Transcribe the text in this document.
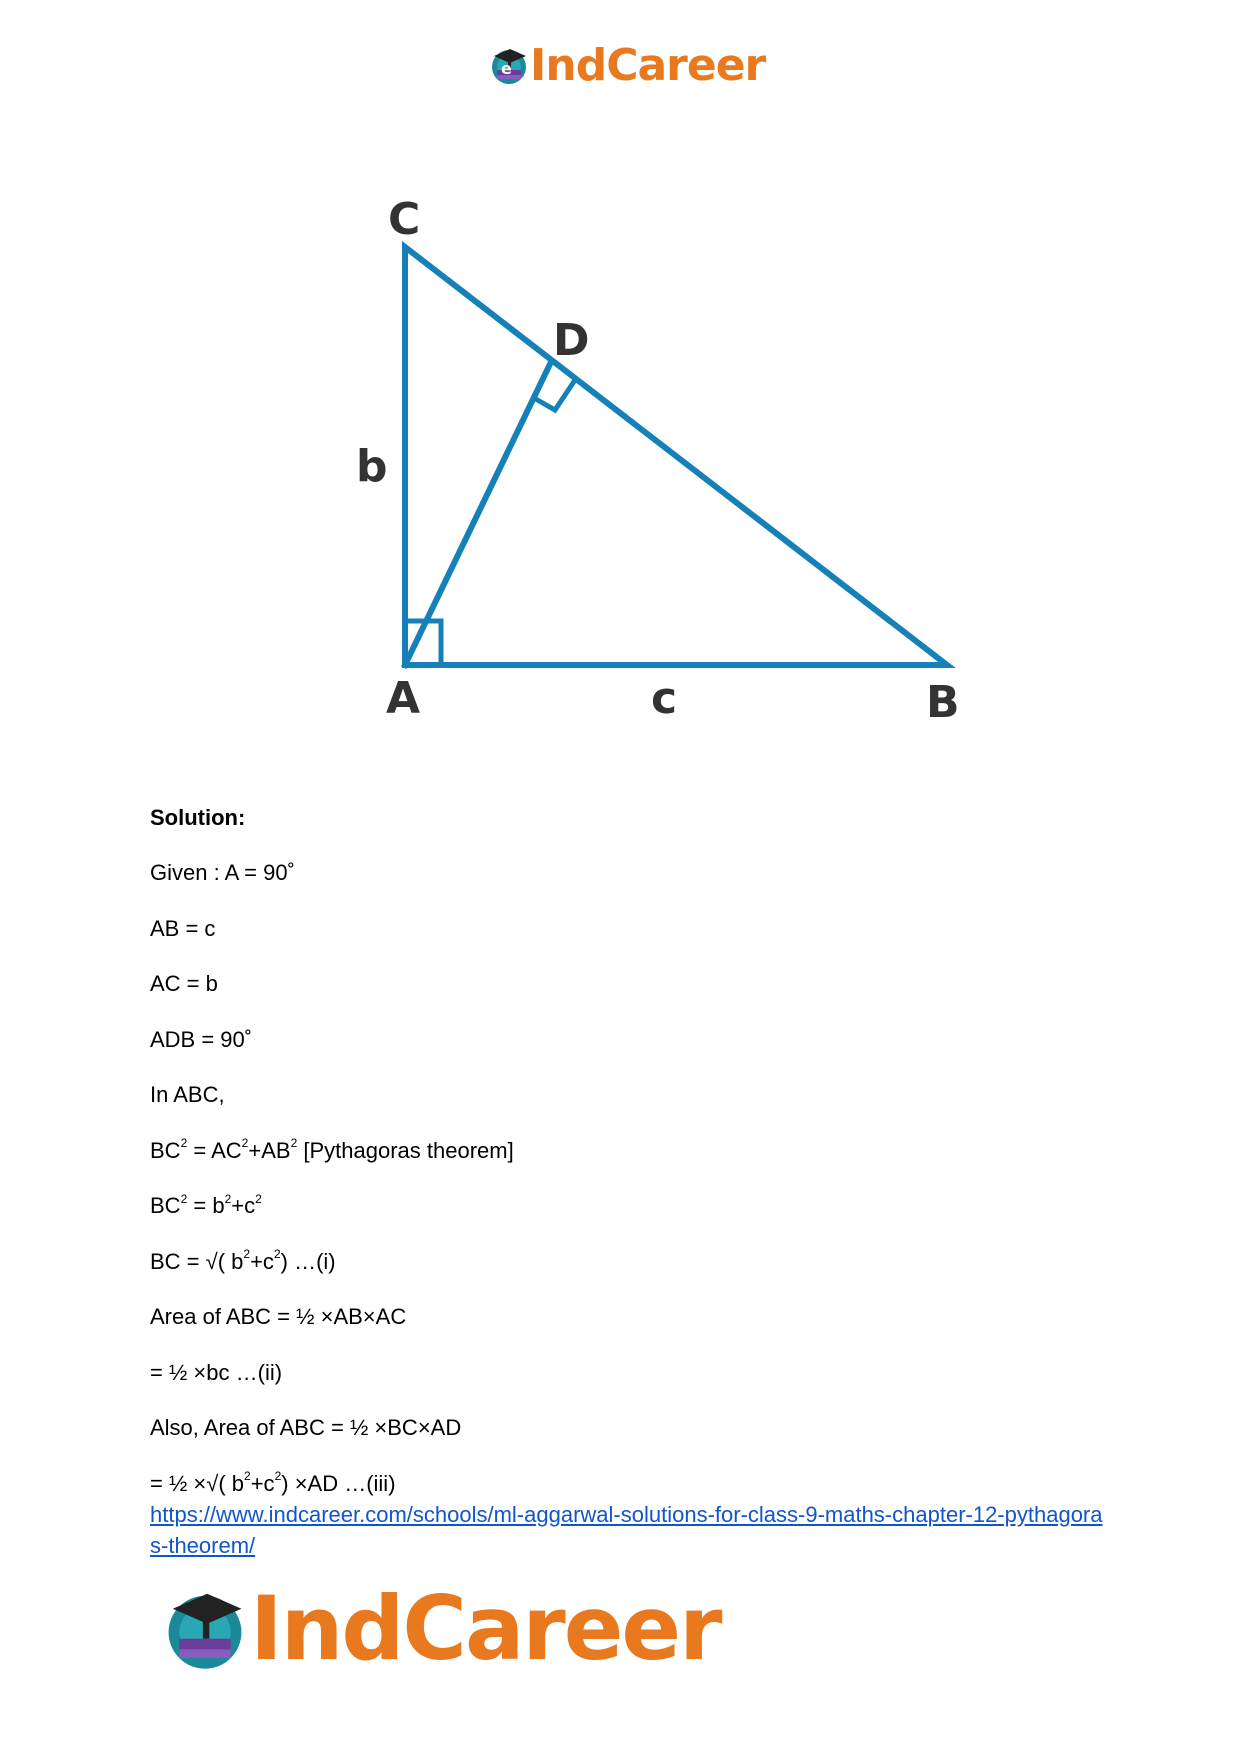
e IndCareer
C
D
b
A	c	B
Solution:
Given : A = 90˚
AB = c
AC = b
ADB = 90˚
In ABC,
$BC^2 = AC^2+AB^2$ [Pythagoras theorem]
$BC^2 = b^2+c^2$
BC = √( $b^2+c^2$) …(i)
Area of ABC = ½ ×AB×AC
= ½ ×bc …(ii)
Also, Area of ABC = ½ ×BC×AD
= ½ ×√( $b^2+c^2) \times AD$ …(iii)
https://www.indcareer.com/schools/ml-aggarwal-solutions-for-class-9-maths-chapter-12-pythagoras-theorem/
IndCareer
